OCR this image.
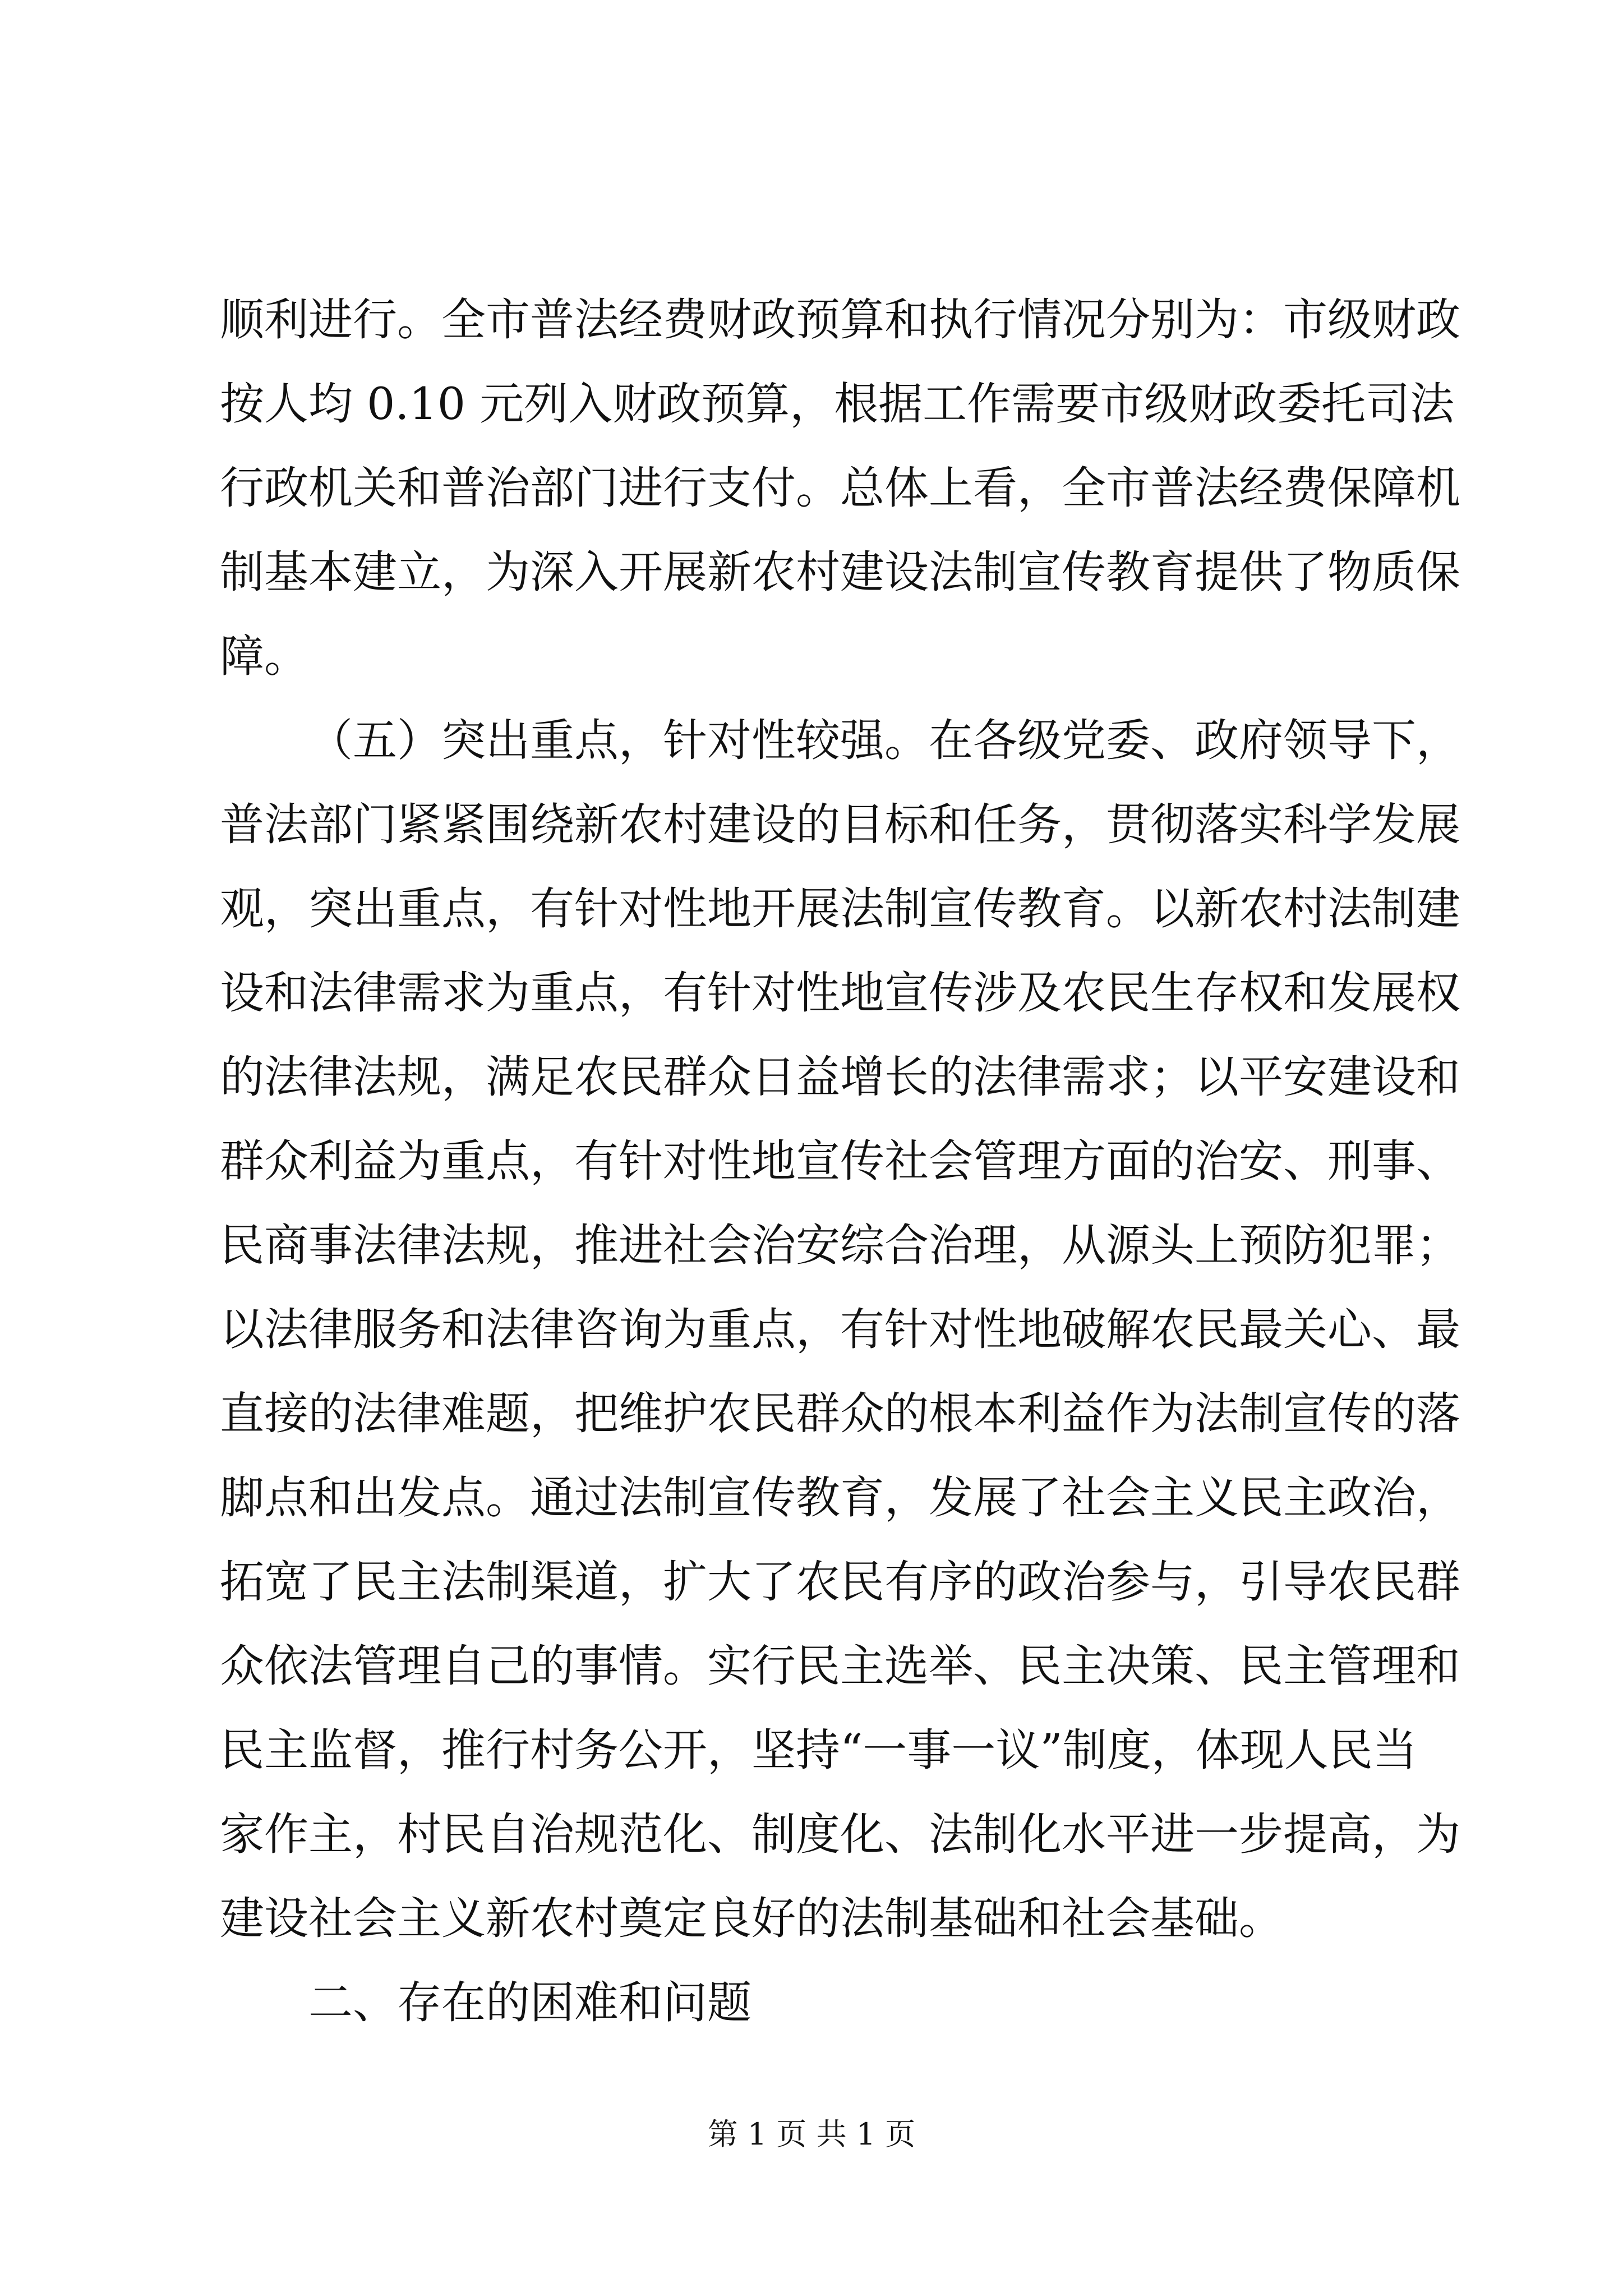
顺利进行。全市普法经费财政预算和执行情况分别为：市级财政
按人均 0.10 元列入财政预算，根据工作需要市级财政委托司法
行政机关和普治部门进行支付。总体上看，全市普法经费保障机
制基本建立，为深入开展新农村建设法制宣传教育提供了物质保
障。
（五）突出重点，针对性较强。在各级党委、政府领导下，
普法部门紧紧围绕新农村建设的目标和任务，贯彻落实科学发展
观，突出重点，有针对性地开展法制宣传教育。以新农村法制建
设和法律需求为重点，有针对性地宣传涉及农民生存权和发展权
的法律法规，满足农民群众日益增长的法律需求；以平安建设和
群众利益为重点，有针对性地宣传社会管理方面的治安、刑事、
民商事法律法规，推进社会治安综合治理，从源头上预防犯罪；
以法律服务和法律咨询为重点，有针对性地破解农民最关心、最
直接的法律难题，把维护农民群众的根本利益作为法制宣传的落
脚点和出发点。通过法制宣传教育，发展了社会主义民主政治，
拓宽了民主法制渠道，扩大了农民有序的政治参与，引导农民群
众依法管理自己的事情。实行民主选举、民主决策、民主管理和
民主监督，推行村务公开，坚持“一事一议”制度，体现人民当
家作主，村民自治规范化、制度化、法制化水平进一步提高，为
建设社会主义新农村奠定良好的法制基础和社会基础。
二、存在的困难和问题
第 1 页 共 1 页
